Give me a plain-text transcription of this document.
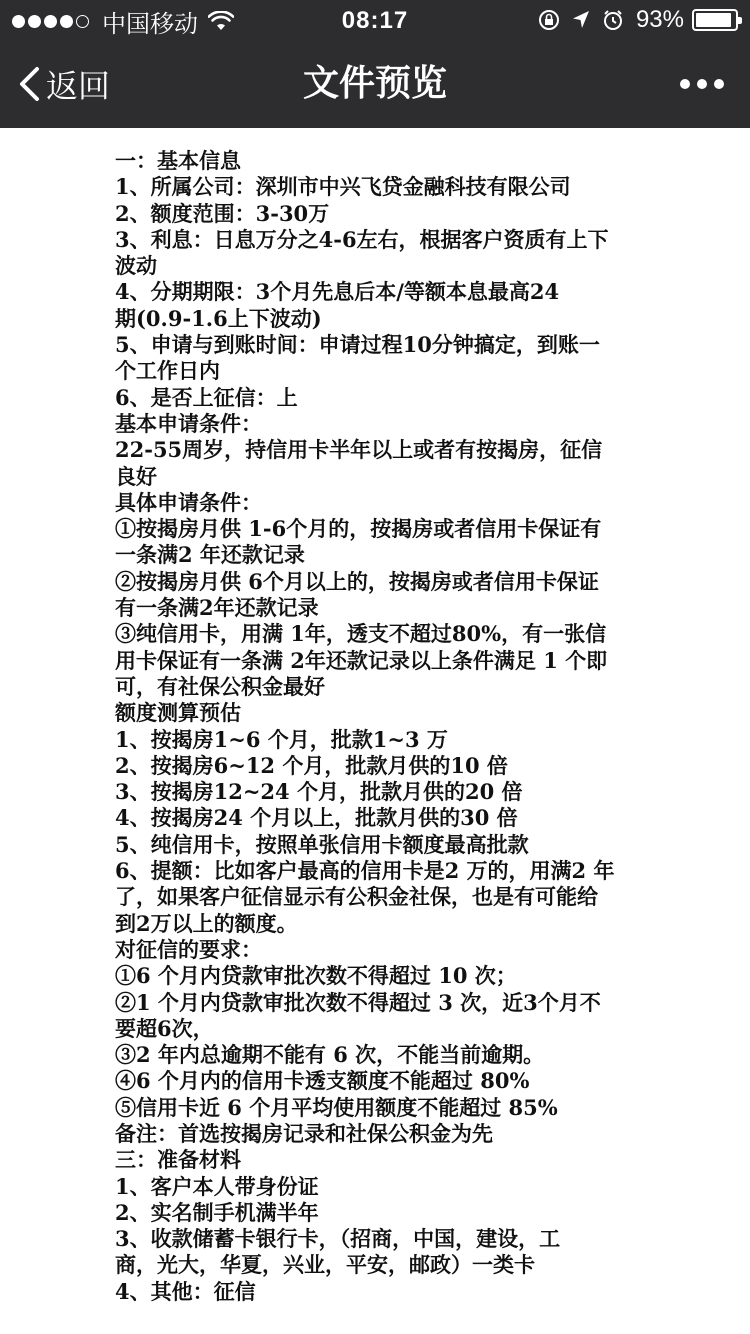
中国移动	08:17	93%
返回	文件预览
一：基本信息
1、所属公司：深圳市中兴飞贷金融科技有限公司
2、额度范围：3-30万
3、利息：日息万分之4-6左右，根据客户资质有上下
波动
4、分期期限：3个月先息后本/等额本息最高24
期(0.9-1.6上下波动)
5、申请与到账时间：申请过程10分钟搞定，到账一
个工作日内
6、是否上征信：上
基本申请条件：
22-55周岁，持信用卡半年以上或者有按揭房，征信
良好
具体申请条件：
①按揭房月供 1-6个月的，按揭房或者信用卡保证有
一条满2 年还款记录
②按揭房月供 6个月以上的，按揭房或者信用卡保证
有一条满2年还款记录
③纯信用卡，用满 1年，透支不超过80%，有一张信
用卡保证有一条满 2年还款记录以上条件满足 1 个即
可，有社保公积金最好
额度测算预估
1、按揭房1~6 个月，批款1~3 万
2、按揭房6~12 个月，批款月供的10 倍
3、按揭房12~24 个月，批款月供的20 倍
4、按揭房24 个月以上，批款月供的30 倍
5、纯信用卡，按照单张信用卡额度最高批款
6、提额：比如客户最高的信用卡是2 万的，用满2 年
了，如果客户征信显示有公积金社保，也是有可能给
到2万以上的额度。
对征信的要求：
①6 个月内贷款审批次数不得超过 10 次；
②1 个月内贷款审批次数不得超过 3 次，近3个月不
要超6次，
③2 年内总逾期不能有 6 次，不能当前逾期。
④6 个月内的信用卡透支额度不能超过 80%
⑤信用卡近 6 个月平均使用额度不能超过 85%
备注：首选按揭房记录和社保公积金为先
三：准备材料
1、客户本人带身份证
2、实名制手机满半年
3、收款储蓄卡银行卡，（招商，中国，建设，工
商，光大，华夏，兴业，平安，邮政）一类卡
4、其他：征信
